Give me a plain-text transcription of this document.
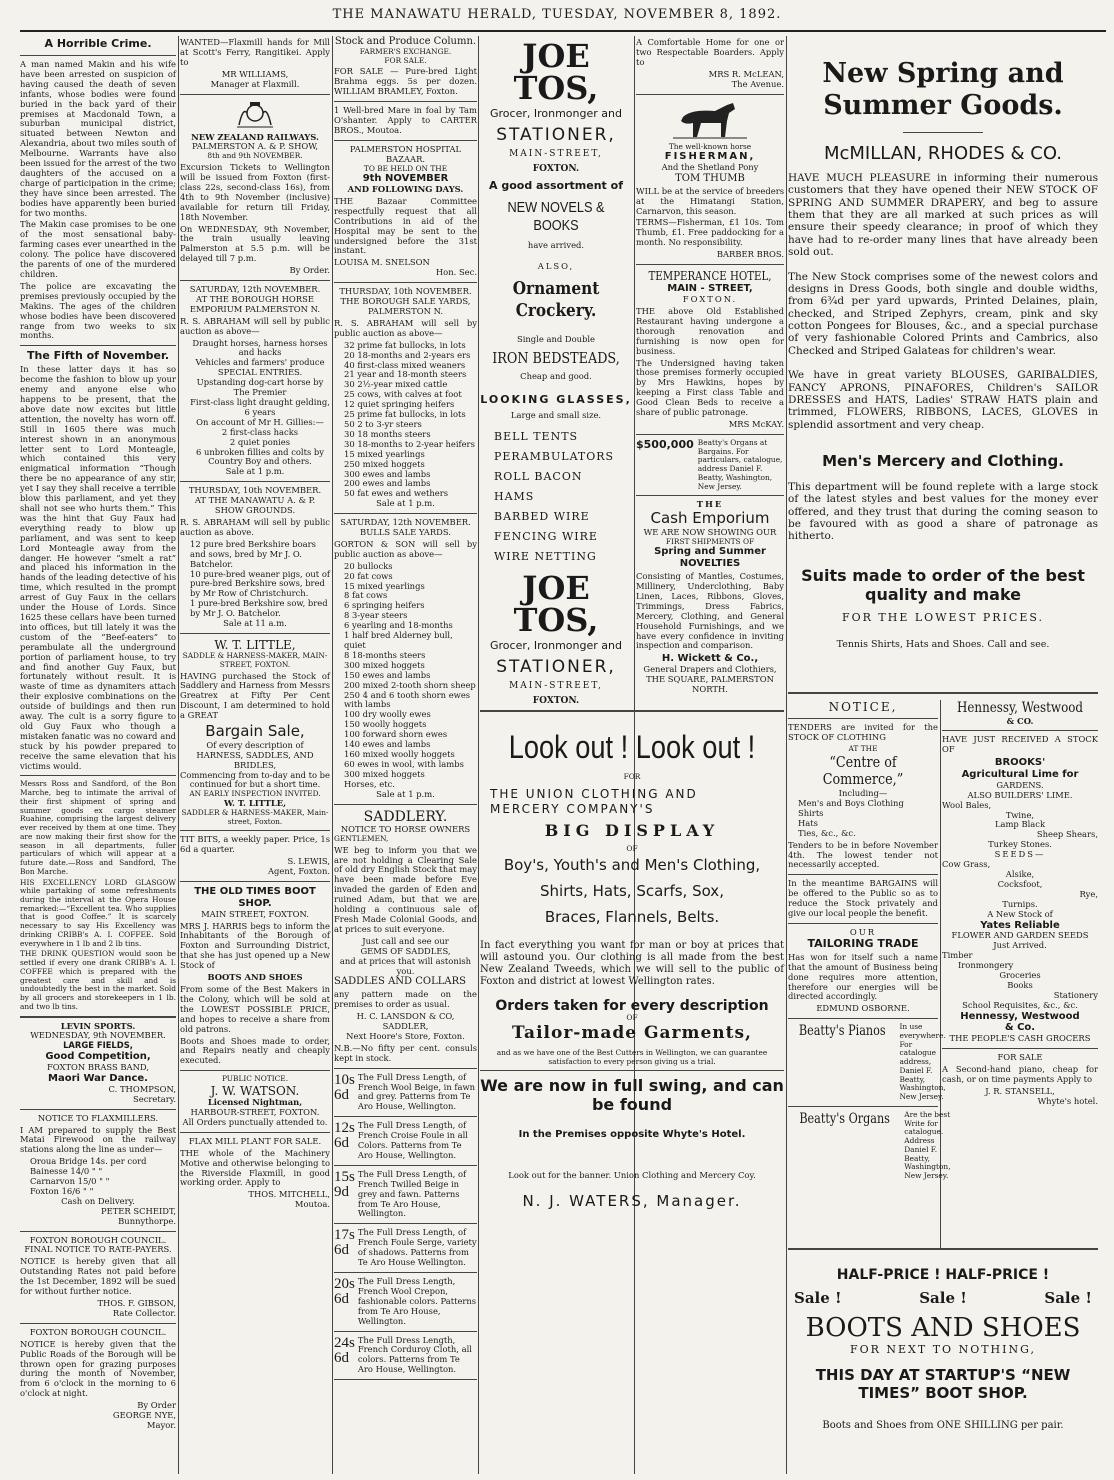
THE MANAWATU HERALD, TUESDAY, NOVEMBER 8, 1892.
A Horrible Crime.

A man named Makin and his wife have been arrested on suspicion of having caused the death of seven infants, whose bodies were found buried in the back yard of their premises at Macdonald Town, a suburban municipal district, situated between Newton and Alexandria, about two miles south of Melbourne. Warrants have also been issued for the arrest of the two daughters of the accused on a charge of participation in the crime; they have since been arrested. The bodies have apparently been buried for two months.

The Makin case promises to be one of the most sensational baby-farming cases ever unearthed in the colony. The police have discovered the parents of one of the murdered children.

The police are excavating the premises previously occupied by the Makins. The ages of the children whose bodies have been discovered range from two weeks to six months.

The Fifth of November.

In these latter days it has so become the fashion to blow up your enemy and anyone else who happens to be present, that the above date now excites but little attention, the novelty has worn off. Still in 1605 there was much interest shown in an anonymous letter sent to Lord Monteagle, which contained this very enigmatical information “Though there be no appearance of any stir, yet I say they shall receive a terrible blow this parliament, and yet they shall not see who hurts them.” This was the hint that Guy Faux had everything ready to blow up parliament, and was sent to keep Lord Monteagle away from the danger. He however “smelt a rat” and placed his information in the hands of the leading detective of his time, which resulted in the prompt arrest of Guy Faux in the cellars under the House of Lords. Since 1625 these cellars have been turned into offices, but till lately it was the custom of the “Beef-eaters” to perambulate all the underground portion of parliament house, to try and find another Guy Faux, but fortunately without result. It is waste of time as dynamiters attach their explosive combinations on the outside of buildings and then run away. The cult is a sorry figure to old Guy Faux who though a mistaken fanatic was no coward and stuck by his powder prepared to receive the same elevation that his victims would.

Messrs Ross and Sandford, of the Bon Marche, beg to intimate the arrival of their first shipment of spring and summer goods ex cargo steamer Ruahine, comprising the largest delivery ever received by them at one time. They are now making their first show for the season in all departments, fuller particulars of which will appear at a future date.—Ross and Sandford, The Bon Marche.

HIS EXCELLENCY LORD GLASGOW while partaking of some refreshments during the interval at the Opera House remarked:—“Excellent tea. Who supplies that is good Coffee.” It is scarcely necessary to say His Excellency was drinking CRIBB's A. I. COFFEE. Sold everywhere in 1 lb and 2 lb tins.

THE DRINK QUESTION would soon be settled if every one drank CRIBB's A. I. COFFEE which is prepared with the greatest care and skill and is undoubtedly the best in the market. Sold by all grocers and storekeepers in 1 lb. and two lb tins.

LEVIN SPORTS.
WEDNESDAY, 9th NOVEMBER.
LARGE FIELDS,
Good Competition,
FOXTON BRASS BAND,
Maori War Dance.
C. THOMPSON,
Secretary.
NOTICE TO FLAXMILLERS.

I AM prepared to supply the Best Matai Firewood on the railway stations along the line as under—

Oroua Bridge 14s. per cord
Bainesse 14/0 " "
Carnarvon 15/0 " "
Foxton 16/6 " "
Cash on Delivery.
PETER SCHEIDT,
Bunnythorpe.
FOXTON BOROUGH COUNCIL.
FINAL NOTICE TO RATE-PAYERS.

NOTICE is hereby given that all Outstanding Rates not paid before the 1st December, 1892 will be sued for without further notice.

THOS. F. GIBSON,
Rate Collector.
FOXTON BOROUGH COUNCIL.

NOTICE is hereby given that the Public Roads of the Borough will be thrown open for grazing purposes during the month of November, from 6 o'clock in the morning to 6 o'clock at night.

By Order
GEORGE NYE,
Mayor.

WANTED—Flaxmill hands for Mill at Scott's Ferry, Rangitikei. Apply to

MR WILLIAMS,
Manager at Flaxmill.
NEW ZEALAND RAILWAYS.
PALMERSTON A. & P. SHOW,
8th and 9th NOVEMBER.

Excursion Tickets to Wellington will be issued from Foxton (first-class 22s, second-class 16s), from 4th to 9th November (inclusive) available for return till Friday, 18th November.

On WEDNESDAY, 9th November, the train usually leaving Palmerston at 5.5 p.m. will be delayed till 7 p.m.

By Order.
SATURDAY, 12th NOVEMBER.
AT THE BOROUGH HORSE EMPORIUM PALMERSTON N.

R. S. ABRAHAM will sell by public auction as above—

Draught horses, harness horses and hacks
Vehicles and farmers' produce
SPECIAL ENTRIES.
Upstanding dog-cart horse by The Premier
First-class light draught gelding, 6 years
On account of Mr H. Gillies:—
2 first-class hacks
2 quiet ponies
6 unbroken fillies and colts by Country Boy and others.
Sale at 1 p.m.
THURSDAY, 10th NOVEMBER.
AT THE MANAWATU A. & P. SHOW GROUNDS.

R. S. ABRAHAM will sell by public auction as above.

12 pure bred Berkshire boars and sows, bred by Mr J. O. Batchelor.
10 pure-bred weaner pigs, out of pure-bred Berkshire sows, bred by Mr Row of Christchurch.
1 pure-bred Berkshire sow, bred by Mr J. O. Batchelor.
Sale at 11 a.m.
W. T. LITTLE,
SADDLE & HARNESS-MAKER, MAIN-STREET, FOXTON.

HAVING purchased the Stock of Saddlery and Harness from Messrs Greatrex at Fifty Per Cent Discount, I am determined to hold a GREAT

Bargain Sale,
Of every description of
HARNESS, SADDLES, AND BRIDLES,
Commencing from to-day and to be continued for but a short time.
AN EARLY INSPECTION INVITED.
W. T. LITTLE,
SADDLER & HARNESS-MAKER, Main-street, Foxton.

TIT BITS, a weekly paper. Price, 1s 6d a quarter.

S. LEWIS,
Agent, Foxton.
THE OLD TIMES BOOT SHOP.
MAIN STREET, FOXTON.

MRS J. HARRIS begs to inform the Inhabitants of the Borough of Foxton and Surrounding District, that she has just opened up a New Stock of

BOOTS AND SHOES

From some of the Best Makers in the Colony, which will be sold at the LOWEST POSSIBLE PRICE, and hopes to receive a share from old patrons.

Boots and Shoes made to order, and Repairs neatly and cheaply executed.

PUBLIC NOTICE.
J. W. WATSON.
Licensed Nightman,
HARBOUR-STREET, FOXTON.
All Orders punctually attended to.
FLAX MILL PLANT FOR SALE.

THE whole of the Machinery Motive and otherwise belonging to the Riverside Flaxmill, in good working order. Apply to

THOS. MITCHELL,
Moutoa.
Stock and Produce Column.
FARMER'S EXCHANGE.
FOR SALE.

FOR SALE — Pure-bred Light Brahma eggs. 5s per dozen. WILLIAM BRAMLEY, Foxton.

1 Well-bred Mare in foal by Tam O'shanter. Apply to CARTER BROS., Moutoa.

PALMERSTON HOSPITAL BAZAAR.
TO BE HELD ON THE
9th NOVEMBER
AND FOLLOWING DAYS.

THE Bazaar Committee respectfully request that all Contributions in aid of the Hospital may be sent to the undersigned before the 31st instant.

LOUISA M. SNELSON
Hon. Sec.
THURSDAY, 10th NOVEMBER.
THE BOROUGH SALE YARDS, PALMERSTON N.

R. S. ABRAHAM will sell by public auction as above—

32 prime fat bullocks, in lots
20 18-months and 2-years ers
40 first-class mixed weaners
21 year and 18-month steers
30 2½-year mixed cattle
25 cows, with calves at foot
12 quiet springing heifers
25 prime fat bullocks, in lots
50 2 to 3-yr steers
30 18 months steers
30 18-months to 2-year heifers
15 mixed yearlings
250 mixed hoggets
300 ewes and lambs
200 ewes and lambs
50 fat ewes and wethers
Sale at 1 p.m.
SATURDAY, 12th NOVEMBER.
BULLS SALE YARDS.

GORTON & SON will sell by public auction as above—

20 bullocks
20 fat cows
15 mixed yearlings
8 fat cows
6 springing heifers
8 3-year steers
6 yearling and 18-months
1 half bred Alderney bull, quiet
8 18-months steers
300 mixed hoggets
150 ewes and lambs
200 mixed 2-tooth shorn sheep
250 4 and 6 tooth shorn ewes with lambs
100 dry woolly ewes
150 woolly hoggets
100 forward shorn ewes
140 ewes and lambs
160 mixed woolly hoggets
60 ewes in wool, with lambs
300 mixed hoggets
Horses, etc.
Sale at 1 p.m.
SADDLERY.
NOTICE TO HORSE OWNERS
GENTLEMEN,

WE beg to inform you that we are not holding a Clearing Sale of old dry English Stock that may have been made before Eve invaded the garden of Eden and ruined Adam, but that we are holding a continuous sale of Fresh Made Colonial Goods, and at prices to suit everyone.

Just call and see our
GEMS OF SADDLES,
and at prices that will astonish you.
SADDLES AND COLLARS

any pattern made on the premises to order as usual.

H. C. LANSDON & CO,
SADDLER,
Next Hoore's Store, Foxton.

N.B.—No fifty per cent. consuls kept in stock.

10s 6d
The Full Dress Length, of French Wool Beige, in fawn and grey. Patterns from Te Aro House, Wellington.
12s 6d
The Full Dress Length, of French Croise Foule in all Colors. Patterns from Te Aro House, Wellington.
15s 9d
The Full Dress Length, of French Twilled Beige in grey and fawn. Patterns from Te Aro House, Wellington.
17s 6d
The Full Dress Length, of French Foule Serge, variety of shadows. Patterns from Te Aro House Wellington.
20s 6d
The Full Dress Length, French Wool Crepon, fashionable colors. Patterns from Te Aro House, Wellington.
24s 6d
The Full Dress Length, French Corduroy Cloth, all colors. Patterns from Te Aro House, Wellington.
JOE TOS,
Grocer, Ironmonger and
STATIONER,
MAIN-STREET,
FOXTON.
A good assortment of
NEW NOVELS & BOOKS
have arrived.
ALSO,
Ornament Crockery.
Single and Double
IRON BEDSTEADS,
Cheap and good.
LOOKING GLASSES,
Large and small size.
BELL TENTS
PERAMBULATORS
ROLL BACON
HAMS
BARBED WIRE
FENCING WIRE
WIRE NETTING
JOE TOS,
Grocer, Ironmonger and
STATIONER,
MAIN-STREET,
FOXTON.

A Comfortable Home for one or two Respectable Boarders. Apply to

MRS R. McLEAN,
The Avenue.
The well-known horse
FISHERMAN,
And the Shetland Pony
TOM THUMB

WILL be at the service of breeders at the Himatangi Station, Carnarvon, this season.

TERMS—Fisherman, £1 10s. Tom Thumb, £1. Free paddocking for a month. No responsibility.

BARBER BROS.
TEMPERANCE HOTEL,
MAIN - STREET,
FOXTON.

THE above Old Established Restaurant having undergone a thorough renovation and furnishing is now open for business.

The Undersigned having taken those premises formerly occupied by Mrs Hawkins, hopes by keeping a First class Table and Good Clean Beds to receive a share of public patronage.

MRS McKAY.
$500,000 Beatty's Organs at Bargains. For particulars, catalogue, address Daniel F. Beatty, Washington, New Jersey.
THE
Cash Emporium
WE ARE NOW SHOWING OUR
FIRST SHIPMENTS OF
Spring and Summer
NOVELTIES

Consisting of Mantles, Costumes, Millinery, Underclothing, Baby Linen, Laces, Ribbons, Gloves, Trimmings, Dress Fabrics, Mercery, Clothing, and General Household Furnishings, and we have every confidence in inviting inspection and comparison.

H. Wickett & Co.,
General Drapers and Clothiers,
THE SQUARE, PALMERSTON NORTH.
New Spring and
Summer Goods.
McMILLAN, RHODES & CO.

HAVE MUCH PLEASURE in informing their numerous customers that they have opened their NEW STOCK OF SPRING AND SUMMER DRAPERY, and beg to assure them that they are all marked at such prices as will ensure their speedy clearance; in proof of which they have had to re-order many lines that have already been sold out.

The New Stock comprises some of the newest colors and designs in Dress Goods, both single and double widths, from 6¾d per yard upwards, Printed Delaines, plain, checked, and Striped Zephyrs, cream, pink and sky cotton Pongees for Blouses, &c., and a special purchase of very fashionable Colored Prints and Cambrics, also Checked and Striped Galateas for children's wear.

We have in great variety BLOUSES, GARIBALDIES, FANCY APRONS, PINAFORES, Children's SAILOR DRESSES and HATS, Ladies' STRAW HATS plain and trimmed, FLOWERS, RIBBONS, LACES, GLOVES in splendid assortment and very cheap.

Men's Mercery and Clothing.

This department will be found replete with a large stock of the latest styles and best values for the money ever offered, and they trust that during the coming season to be favoured with as good a share of patronage as hitherto.

Suits made to order of the best quality and make
FOR THE LOWEST PRICES.
Tennis Shirts, Hats and Shoes. Call and see.
NOTICE,

TENDERS are invited for the STOCK OF CLOTHING

AT THE
“Centre of Commerce,”
Including—
Men's and Boys Clothing
Shirts
Hats
Ties, &c., &c.

Tenders to be in before November 4th. The lowest tender not necessarily accepted.

In the meantime BARGAINS will be offered to the Public so as to reduce the Stock privately and give our local people the benefit.

OUR
TAILORING TRADE

Has won for itself such a name that the amount of Business being done requires more attention, therefore our energies will be directed accordingly.

EDMUND OSBORNE.
Beatty's Pianos In use everywhere. For catalogue address, Daniel F. Beatty, Washington, New Jersey.
Beatty's Organs Are the best Write for catalogue. Address Daniel F. Beatty, Washington, New Jersey.
Hennessy, Westwood
& CO.

HAVE JUST RECEIVED A STOCK OF

BROOKS'
Agricultural Lime for
GARDENS.
ALSO BUILDERS' LIME.
Wool Bales,
Twine,
Lamp Black
Sheep Shears,
Turkey Stones.
SEEDS—
Cow Grass,
Alsike,
Cocksfoot,
Rye,
Turnips.
A New Stock of
Yates Reliable
FLOWER AND GARDEN SEEDS
Just Arrived.
Timber
Ironmongery
Groceries
Books
Stationery
School Requisites, &c., &c.
Hennessy, Westwood
& Co.
THE PEOPLE'S CASH GROCERS
FOR SALE

A Second-hand piano, cheap for cash, or on time payments Apply to

J. R. STANSELL,
Whyte's hotel.
Look out ! Look out !
FOR
THE UNION CLOTHING AND MERCERY COMPANY'S
BIG DISPLAY
OF
Boy's, Youth's and Men's Clothing,
Shirts, Hats, Scarfs, Sox,
Braces, Flannels, Belts.

In fact everything you want for man or boy at prices that will astound you. Our clothing is all made from the best New Zealand Tweeds, which we will sell to the public of Foxton and district at lowest Wellington rates.

Orders taken for every description
OF
Tailor-made Garments,

and as we have one of the Best Cutters in Wellington, we can guarantee satisfaction to every person giving us a trial.

We are now in full swing, and can be found
In the Premises opposite Whyte's Hotel.
Look out for the banner. Union Clothing and Mercery Coy.
N. J. WATERS, Manager.
HALF-PRICE ! HALF-PRICE !
Sale !	Sale !	Sale !
BOOTS AND SHOES
FOR NEXT TO NOTHING,
THIS DAY AT STARTUP'S “NEW TIMES” BOOT SHOP.
Boots and Shoes from ONE SHILLING per pair.
